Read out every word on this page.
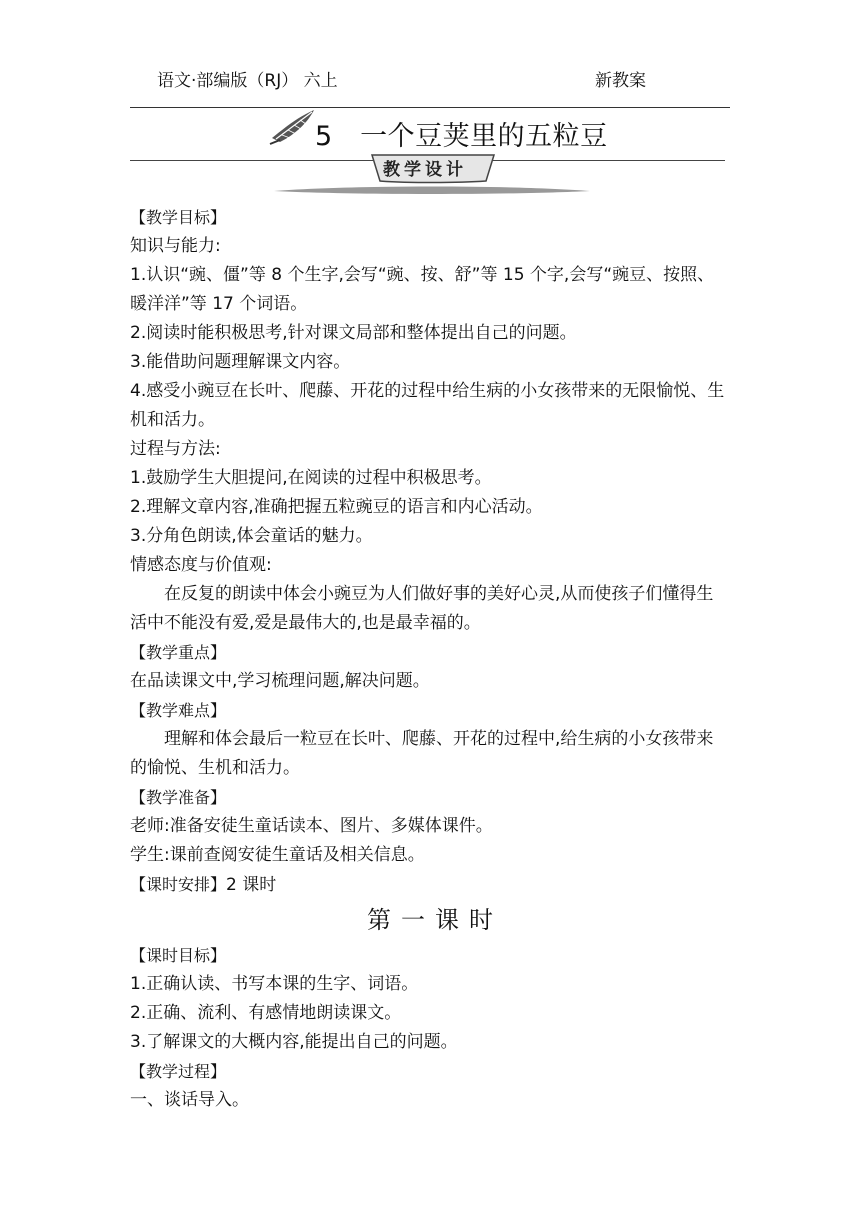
语文·部编版（RJ） 六上	新教案
5　一个豆荚里的五粒豆
教学设计
【教学目标】
知识与能力:
1.认识“豌、僵”等 8 个生字,会写“豌、按、舒”等 15 个字,会写“豌豆、按照、
暖洋洋”等 17 个词语。
2.阅读时能积极思考,针对课文局部和整体提出自己的问题。
3.能借助问题理解课文内容。
4.感受小豌豆在长叶、爬藤、开花的过程中给生病的小女孩带来的无限愉悦、生
机和活力。
过程与方法:
1.鼓励学生大胆提问,在阅读的过程中积极思考。
2.理解文章内容,准确把握五粒豌豆的语言和内心活动。
3.分角色朗读,体会童话的魅力。
情感态度与价值观:
在反复的朗读中体会小豌豆为人们做好事的美好心灵,从而使孩子们懂得生
活中不能没有爱,爱是最伟大的,也是最幸福的。
【教学重点】
在品读课文中,学习梳理问题,解决问题。
【教学难点】
理解和体会最后一粒豆在长叶、爬藤、开花的过程中,给生病的小女孩带来
的愉悦、生机和活力。
【教学准备】
老师:准备安徒生童话读本、图片、多媒体课件。
学生:课前查阅安徒生童话及相关信息。
【课时安排】2 课时
第一课时
【课时目标】
1.正确认读、书写本课的生字、词语。
2.正确、流利、有感情地朗读课文。
3.了解课文的大概内容,能提出自己的问题。
【教学过程】
一、谈话导入。
